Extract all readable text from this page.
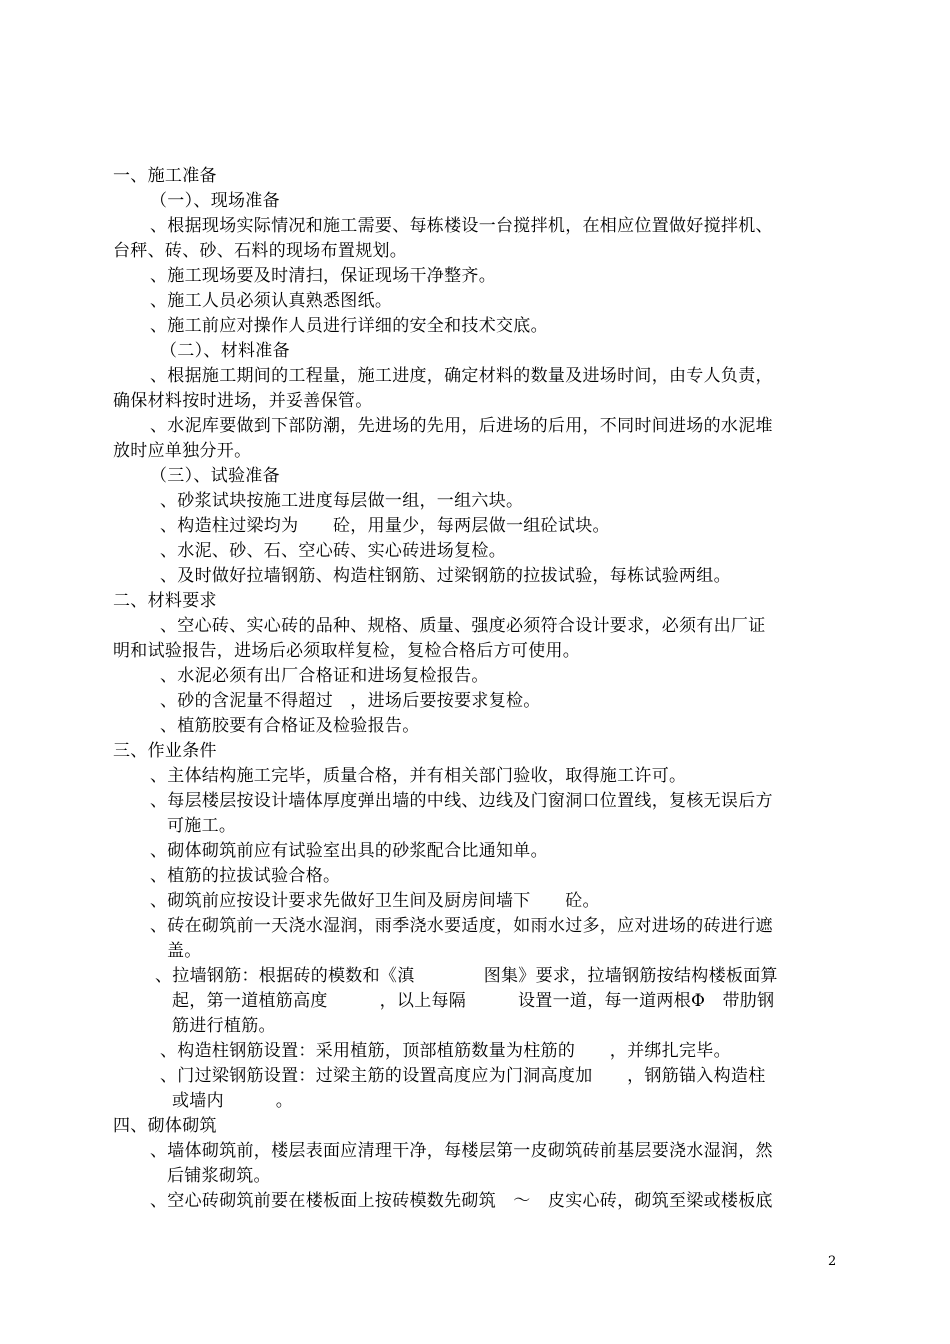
一、施工准备
（一）、现场准备
、根据现场实际情况和施工需要、每栋楼设一台搅拌机，在相应位置做好搅拌机、
台秤、砖、砂、石料的现场布置规划。
、施工现场要及时清扫，保证现场干净整齐。
、施工人员必须认真熟悉图纸。
、施工前应对操作人员进行详细的安全和技术交底。
（二）、材料准备
、根据施工期间的工程量，施工进度，确定材料的数量及进场时间，由专人负责，
确保材料按时进场，并妥善保管。
、水泥库要做到下部防潮，先进场的先用，后进场的后用，不同时间进场的水泥堆
放时应单独分开。
（三）、试验准备
、砂浆试块按施工进度每层做一组，一组六块。
、构造柱过梁均为　　砼，用量少，每两层做一组砼试块。
、水泥、砂、石、空心砖、实心砖进场复检。
、及时做好拉墙钢筋、构造柱钢筋、过梁钢筋的拉拔试验，每栋试验两组。
二、材料要求
、空心砖、实心砖的品种、规格、质量、强度必须符合设计要求，必须有出厂证
明和试验报告，进场后必须取样复检，复检合格后方可使用。
、水泥必须有出厂合格证和进场复检报告。
、砂的含泥量不得超过　，进场后要按要求复检。
、植筋胶要有合格证及检验报告。
三、作业条件
、主体结构施工完毕，质量合格，并有相关部门验收，取得施工许可。
、每层楼层按设计墙体厚度弹出墙的中线、边线及门窗洞口位置线，复核无误后方
可施工。
、砌体砌筑前应有试验室出具的砂浆配合比通知单。
、植筋的拉拔试验合格。
、砌筑前应按设计要求先做好卫生间及厨房间墙下　　砼。
、砖在砌筑前一天浇水湿润，雨季浇水要适度，如雨水过多，应对进场的砖进行遮
盖。
、拉墙钢筋：根据砖的模数和《滇　　　　图集》要求，拉墙钢筋按结构楼板面算
起，第一道植筋高度　　　，以上每隔　　　设置一道，每一道两根Φ　带肋钢
筋进行植筋。
、构造柱钢筋设置：采用植筋，顶部植筋数量为柱筋的　　，并绑扎完毕。
、门过梁钢筋设置：过梁主筋的设置高度应为门洞高度加　　，钢筋锚入构造柱
或墙内　　　。
四、砌体砌筑
、墙体砌筑前，楼层表面应清理干净，每楼层第一皮砌筑砖前基层要浇水湿润，然
后铺浆砌筑。
、空心砖砌筑前要在楼板面上按砖模数先砌筑　～　皮实心砖，砌筑至梁或楼板底
2
